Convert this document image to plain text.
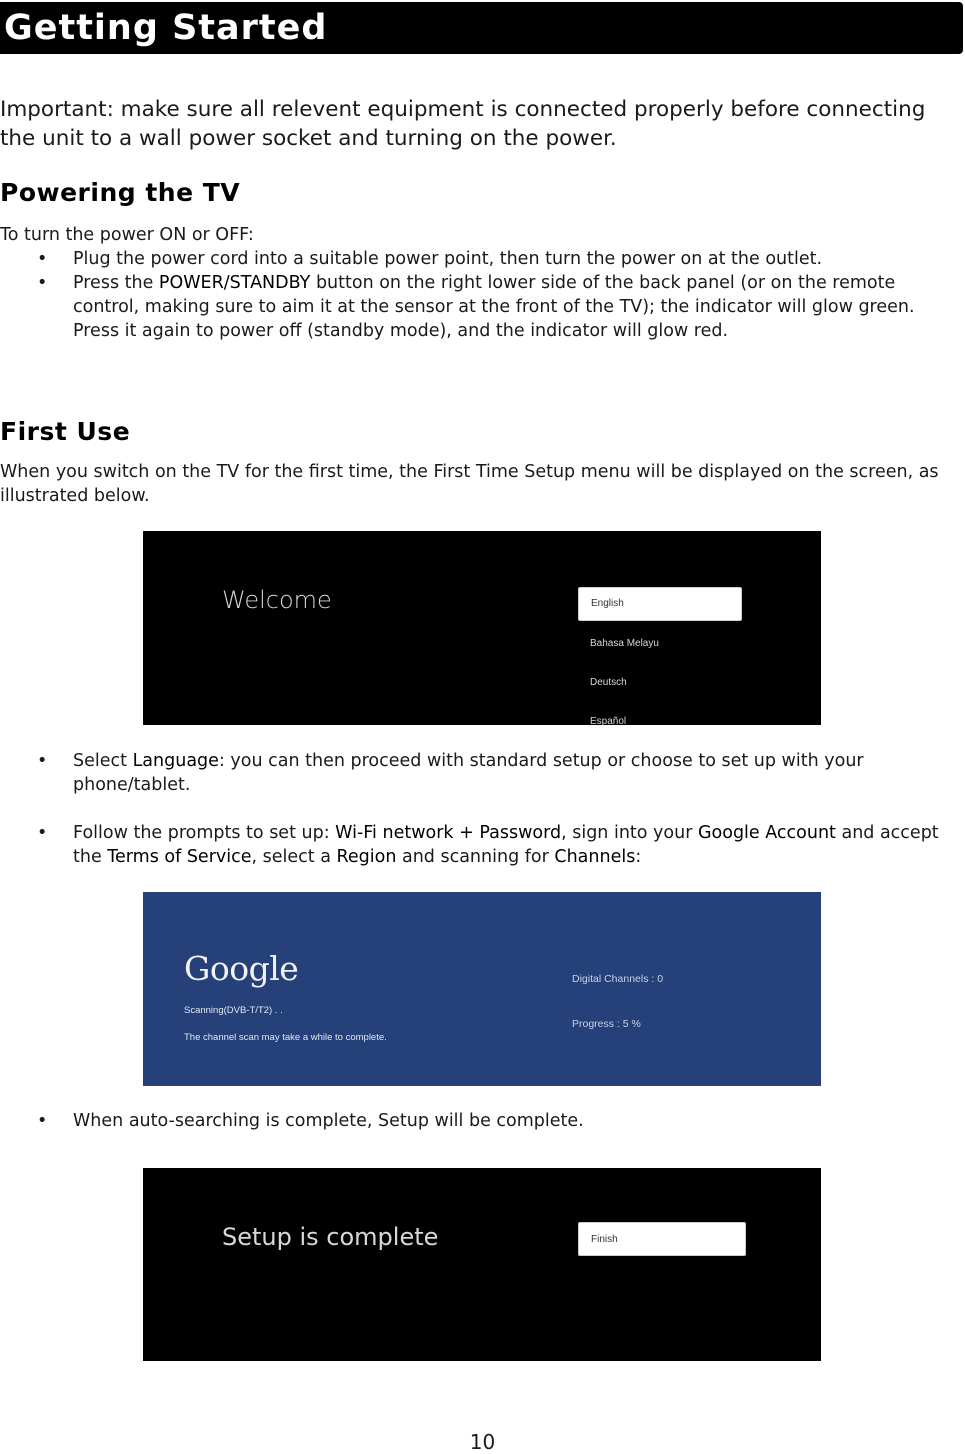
Getting Started

Important: make sure all relevent equipment is connected properly before connecting the unit to a wall power socket and turning on the power.

Powering the TV

To turn the power ON or OFF:

• Plug the power cord into a suitable power point, then turn the power on at the outlet.
• Press the POWER/STANDBY button on the right lower side of the back panel (or on the remote control, making sure to aim it at the sensor at the front of the TV); the indicator will glow green. Press it again to power off (standby mode), and the indicator will glow red.
First Use

When you switch on the TV for the first time, the First Time Setup menu will be displayed on the screen, as illustrated below.

Welcome	English
Bahasa Melayu
Deutsch
Español
• Select Language: you can then proceed with standard setup or choose to set up with your phone/tablet.
• Follow the prompts to set up: Wi-Fi network + Password, sign into your Google Account and accept the Terms of Service, select a Region and scanning for Channels:
Google
Scanning(DVB-T/T2) . .
The channel scan may take a while to complete.
Digital Channels : 0
Progress : 5 %
• When auto-searching is complete, Setup will be complete.
Setup is complete	Finish
10
